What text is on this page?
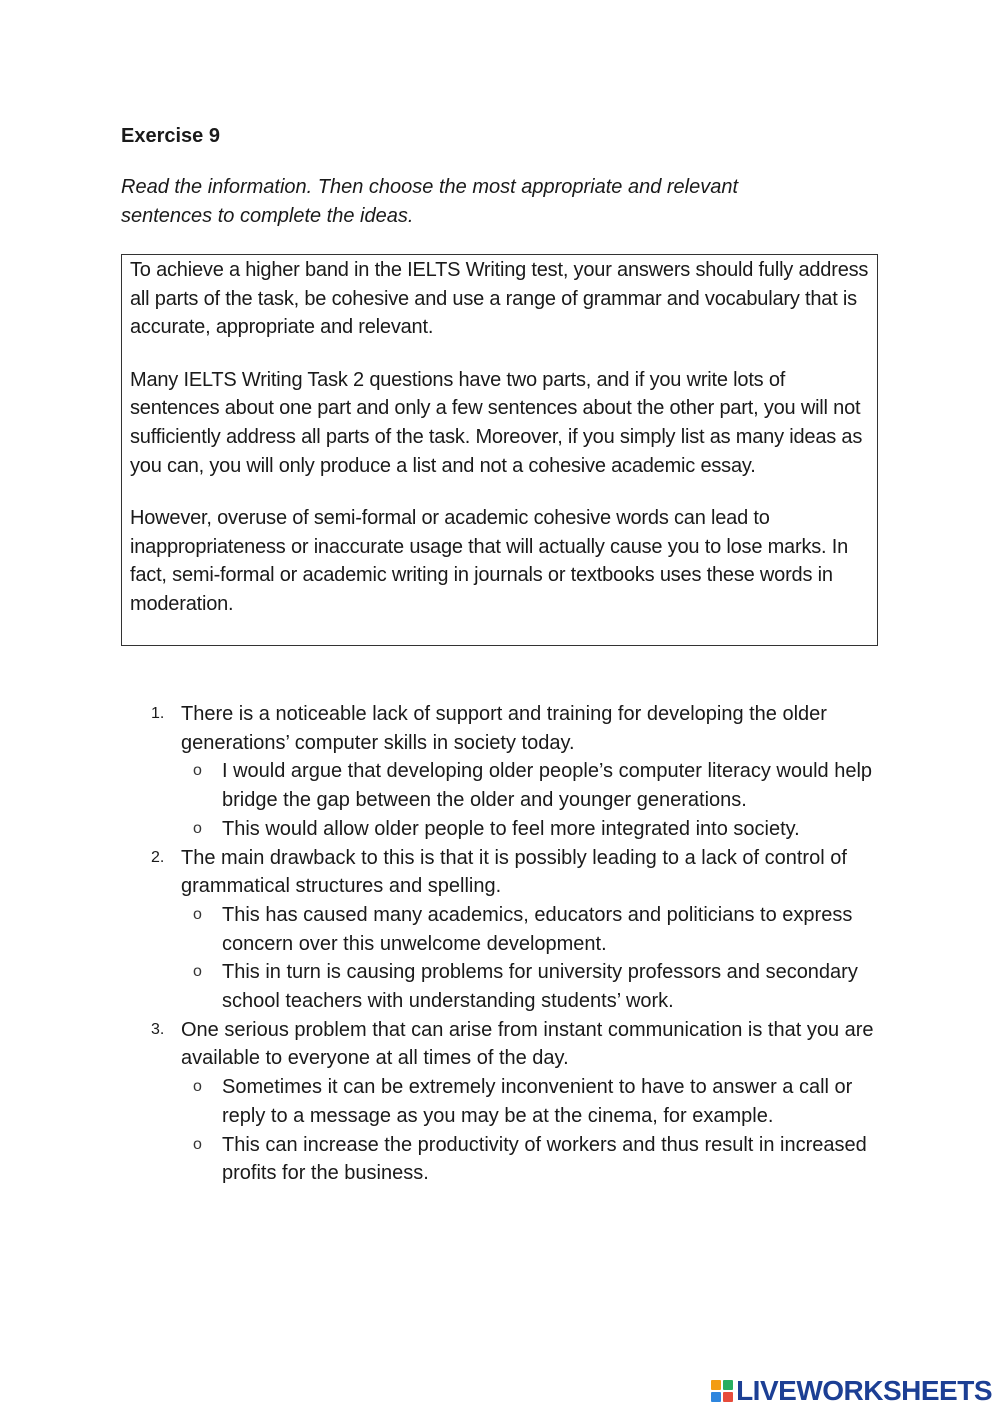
Exercise 9
Read the information. Then choose the most appropriate and relevant sentences to complete the ideas.

To achieve a higher band in the IELTS Writing test, your answers should fully address all parts of the task, be cohesive and use a range of grammar and vocabulary that is accurate, appropriate and relevant.

Many IELTS Writing Task 2 questions have two parts, and if you write lots of sentences about one part and only a few sentences about the other part, you will not sufficiently address all parts of the task. Moreover, if you simply list as many ideas as you can, you will only produce a list and not a cohesive academic essay.

However, overuse of semi-formal or academic cohesive words can lead to inappropriateness or inaccurate usage that will actually cause you to lose marks. In fact, semi-formal or academic writing in journals or textbooks uses these words in moderation.

1. There is a noticeable lack of support and training for developing the older generations’ computer skills in society today.
o I would argue that developing older people’s computer literacy would help bridge the gap between the older and younger generations.
o This would allow older people to feel more integrated into society.
2. The main drawback to this is that it is possibly leading to a lack of control of grammatical structures and spelling.
o This has caused many academics, educators and politicians to express concern over this unwelcome development.
o This in turn is causing problems for university professors and secondary school teachers with understanding students’ work.
3. One serious problem that can arise from instant communication is that you are available to everyone at all times of the day.
o Sometimes it can be extremely inconvenient to have to answer a call or reply to a message as you may be at the cinema, for example.
o This can increase the productivity of workers and thus result in increased profits for the business.
LIVEWORKSHEETS
